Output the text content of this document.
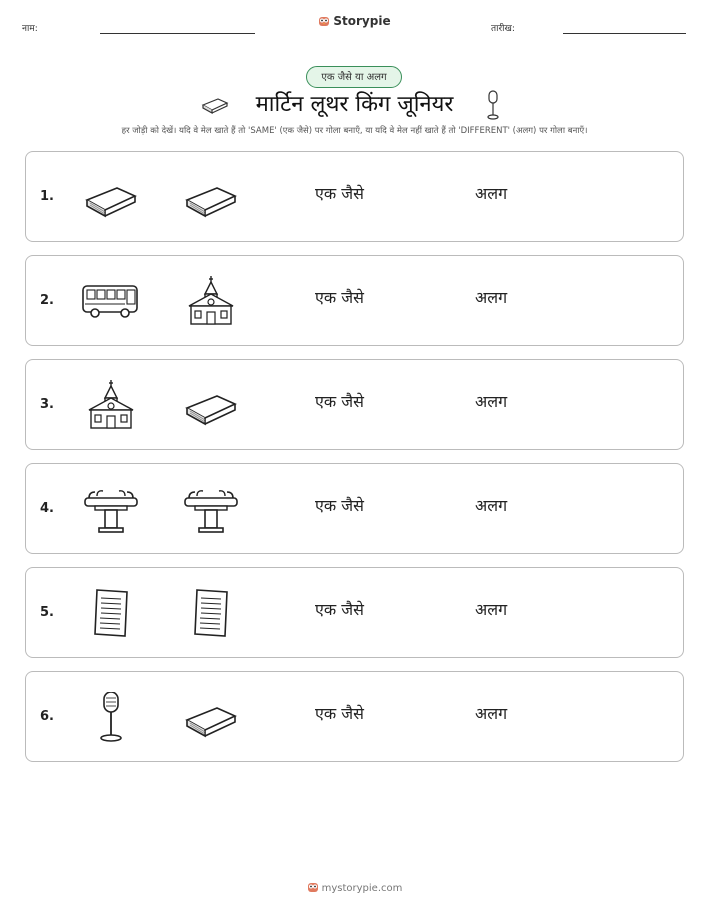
नाम:
Storypie
तारीख:
एक जैसे या अलग
मार्टिन लूथर किंग जूनियर
हर जोड़ी को देखें। यदि वे मेल खाते हैं तो 'SAME' (एक जैसे) पर गोला बनाएँ, या यदि वे मेल नहीं खाते हैं तो 'DIFFERENT' (अलग) पर गोला बनाएँ।
1.	एक जैसे	अलग
2.	एक जैसे	अलग
3.	एक जैसे	अलग
4.	एक जैसे	अलग
5.	एक जैसे	अलग
6.	एक जैसे	अलग
mystorypie.com
